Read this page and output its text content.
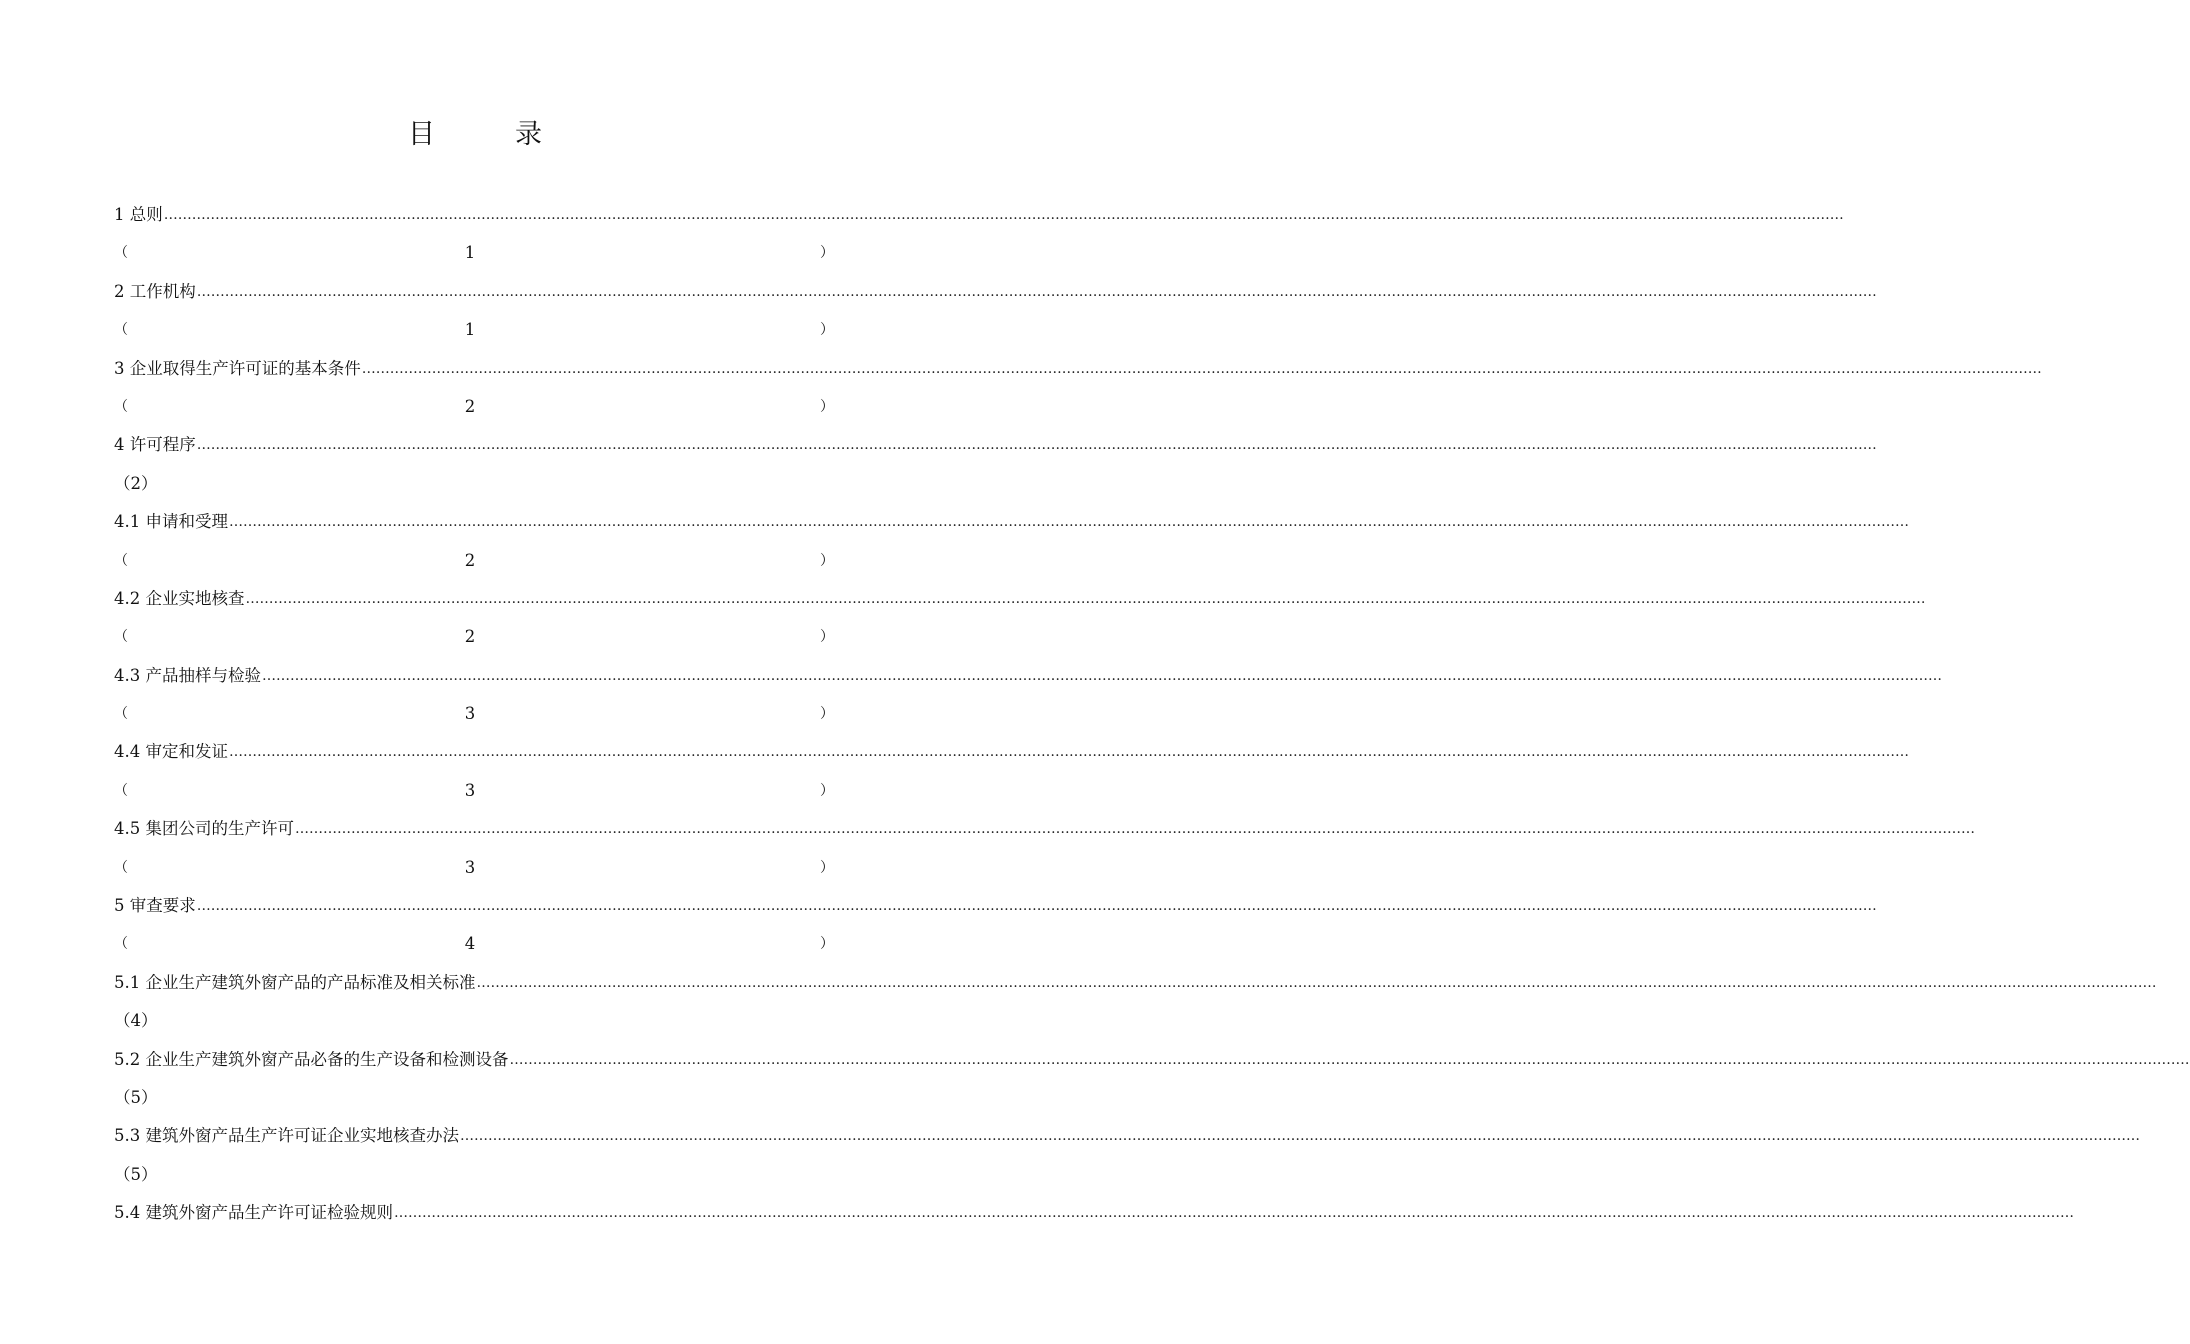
目	录
1 总则 ………………………………………………………………………………………………………………………………………………………………………………………………………………………………………………………………………………………………………………………………
（	1	）
2 工作机构 ………………………………………………………………………………………………………………………………………………………………………………………………………………………………………………………………………………………………………………………………
（	1	）
3 企业取得生产许可证的基本条件 ………………………………………………………………………………………………………………………………………………………………………………………………………………………………………………………………………………………………………………………………
（	2	）
4 许可程序 ………………………………………………………………………………………………………………………………………………………………………………………………………………………………………………………………………………………………………………………………
（ 2 ）
4.1 申请和受理 ………………………………………………………………………………………………………………………………………………………………………………………………………………………………………………………………………………………………………………………………
（	2	）
4.2 企业实地核查 ………………………………………………………………………………………………………………………………………………………………………………………………………………………………………………………………………………………………………………………………
（	2	）
4.3 产品抽样与检验 ………………………………………………………………………………………………………………………………………………………………………………………………………………………………………………………………………………………………………………………………
（	3	）
4.4 审定和发证 ………………………………………………………………………………………………………………………………………………………………………………………………………………………………………………………………………………………………………………………………
（	3	）
4.5 集团公司的生产许可 ………………………………………………………………………………………………………………………………………………………………………………………………………………………………………………………………………………………………………………………………
（	3	）
5 审查要求 ………………………………………………………………………………………………………………………………………………………………………………………………………………………………………………………………………………………………………………………………
（	4	）
5.1 企业生产建筑外窗产品的产品标准及相关标准 ………………………………………………………………………………………………………………………………………………………………………………………………………………………………………………………………………………………………………………………………
（ 4 ）
5.2 企业生产建筑外窗产品必备的生产设备和检测设备 ………………………………………………………………………………………………………………………………………………………………………………………………………………………………………………………………………………………………………………………………
（ 5 ）
5.3 建筑外窗产品生产许可证企业实地核查办法 ………………………………………………………………………………………………………………………………………………………………………………………………………………………………………………………………………………………………………………………………
（ 5 ）
5.4 建筑外窗产品生产许可证检验规则 ………………………………………………………………………………………………………………………………………………………………………………………………………………………………………………………………………………………………………………………………
